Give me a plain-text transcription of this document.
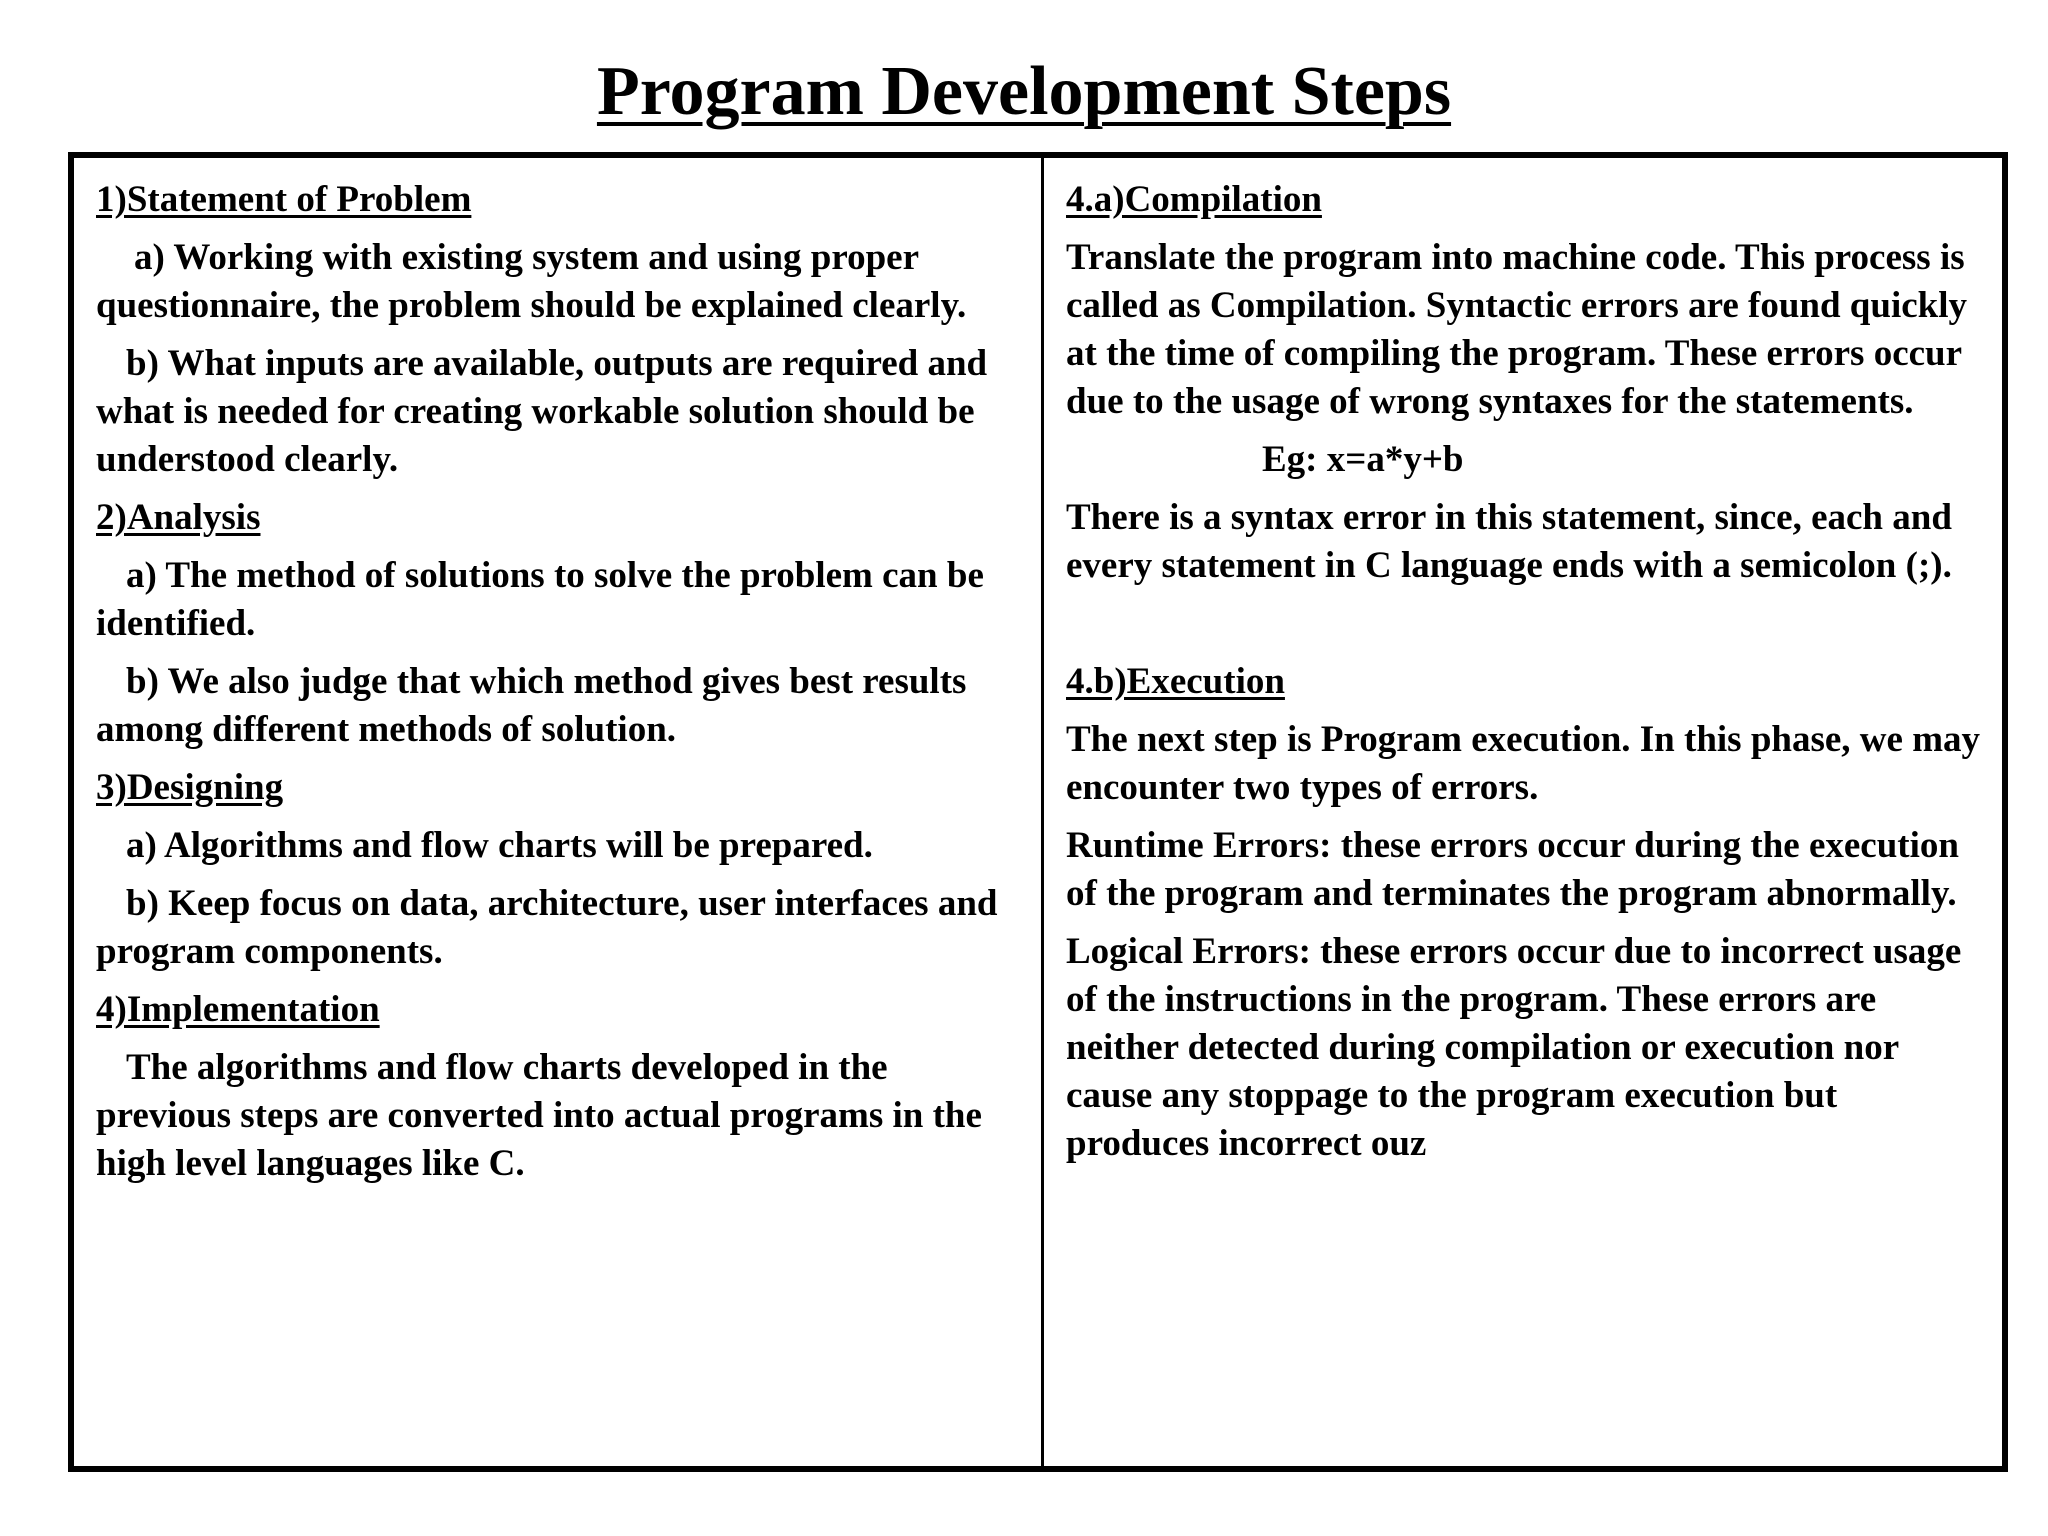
Program Development Steps

1)Statement of Problem

a) Working with existing system and using proper questionnaire, the problem should be explained clearly.

b) What inputs are available, outputs are required and what is needed for creating workable solution should be understood clearly.

2)Analysis

a) The method of solutions to solve the problem can be identified.

b) We also judge that which method gives best results among different methods of solution.

3)Designing

a) Algorithms and flow charts will be prepared.

b) Keep focus on data, architecture, user interfaces and program components.

4)Implementation

The algorithms and flow charts developed in the previous steps are converted into actual programs in the high level languages like C.

4.a)Compilation

Translate the program into machine code. This process is called as Compilation. Syntactic errors are found quickly at the time of compiling the program. These errors occur due to the usage of wrong syntaxes for the statements.

Eg: x=a*y+b

There is a syntax error in this statement, since, each and every statement in C language ends with a semicolon (;).

4.b)Execution

The next step is Program execution. In this phase, we may encounter two types of errors.

Runtime Errors: these errors occur during the execution of the program and terminates the program abnormally.

Logical Errors: these errors occur due to incorrect usage of the instructions in the program. These errors are neither detected during compilation or execution nor cause any stoppage to the program execution but produces incorrect ouz
